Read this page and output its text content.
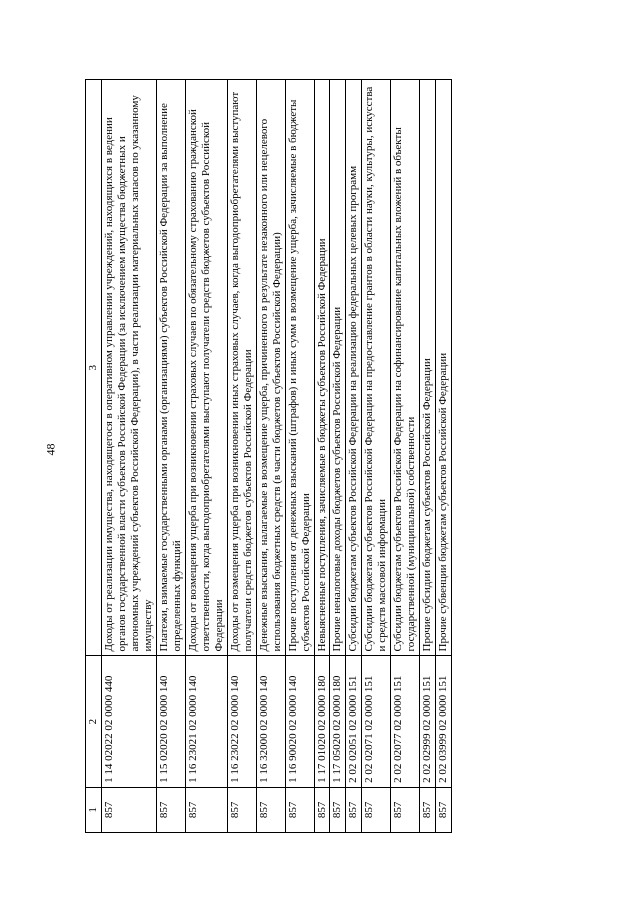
48
1	2	3
857	1 14 02022 02 0000 440	Доходы от реализации имущества, находящегося в оперативном управлении учреждений, находящихся в ведении органов государственной власти субъектов Российской Федерации (за исключением имущества бюджетных и автономных учреждений субъектов Российской Федерации), в части реализации материальных запасов по указанному имуществу
857	1 15 02020 02 0000 140	Платежи, взимаемые государственными органами (организациями) субъектов Российской Федерации за выполнение определенных функций
857	1 16 23021 02 0000 140	Доходы от возмещения ущерба при возникновении страховых случаев по обязательному страхованию гражданской ответственности, когда выгодоприобретателями выступают получатели средств бюджетов субъектов Российской Федерации
857	1 16 23022 02 0000 140	Доходы от возмещения ущерба при возникновении иных страховых случаев, когда выгодоприобретателями выступают получатели средств бюджетов субъектов Российской Федерации
857	1 16 32000 02 0000 140	Денежные взыскания, налагаемые в возмещение ущерба, причиненного в результате незаконного или нецелевого использования бюджетных средств (в части бюджетов субъектов Российской Федерации)
857	1 16 90020 02 0000 140	Прочие поступления от денежных взысканий (штрафов) и иных сумм в возмещение ущерба, зачисляемые в бюджеты субъектов Российской Федерации
857	1 17 01020 02 0000 180	Невыясненные поступления, зачисляемые в бюджеты субъектов Российской Федерации
857	1 17 05020 02 0000 180	Прочие неналоговые доходы бюджетов субъектов Российской Федерации
857	2 02 02051 02 0000 151	Субсидии бюджетам субъектов Российской Федерации на реализацию федеральных целевых программ
857	2 02 02071 02 0000 151	Субсидии бюджетам субъектов Российской Федерации на предоставление грантов в области науки, культуры, искусства и средств массовой информации
857	2 02 02077 02 0000 151	Субсидии бюджетам субъектов Российской Федерации на софинансирование капитальных вложений в объекты государственной (муниципальной) собственности
857	2 02 02999 02 0000 151	Прочие субсидии бюджетам субъектов Российской Федерации
857	2 02 03999 02 0000 151	Прочие субвенции бюджетам субъектов Российской Федерации
